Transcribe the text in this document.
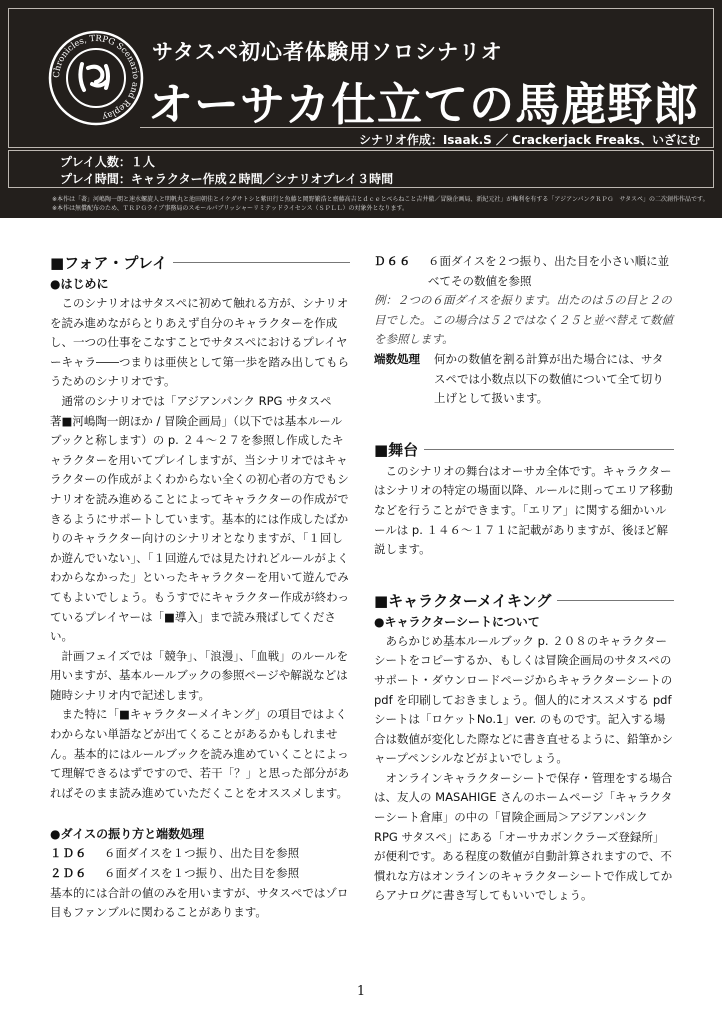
Chronicles, TRPG Scenario and Replay
サタスペ初心者体験用ソロシナリオ
オーサカ仕立ての馬鹿野郎
シナリオ作成：Isaak.S ／ Crackerjack Freaks、いざにむ
プレイ人数：１人
プレイ時間：キャラクター作成２時間／シナリオプレイ３時間
※本作は「著」河嶋陶一朗と速水螺旋人と明帆丸と池田朝佳とイケダサトシと紫田行と魚藤と岡野繁浩と齋藤高吉とｄｃｅとべらねこと吉井徹／冒険企画局、新紀元社」が権利を有する「アジアンパンクＲＰＧ　サタスペ」の二次創作作品です。
※本作は無償配布のため、ＴＲＰＧライブ事務局のスモールパブリッシャーリミテッドライセンス（ＳＰＬＬ）の対象外となります。
■フォア・プレイ
●はじめに

このシナリオはサタスペに初めて触れる方が、シナリオを読み進めながらとりあえず自分のキャラクターを作成し、一つの仕事をこなすことでサタスペにおけるプレイヤーキャラ――つまりは亜侠として第一歩を踏み出してもらうためのシナリオです。

通常のシナリオでは「アジアンパンク RPG サタスペ　著■河嶋陶一朗ほか / 冒険企画局」（以下では基本ルールブックと称します）の p. ２４～２７を参照し作成したキャラクターを用いてプレイしますが、当シナリオではキャラクターの作成がよくわからない全くの初心者の方でもシナリオを読み進めることによってキャラクターの作成ができるようにサポートしています。基本的には作成したばかりのキャラクター向けのシナリオとなりますが、「１回しか遊んでいない」、「１回遊んでは見たけれどルールがよくわからなかった」といったキャラクターを用いて遊んでみてもよいでしょう。もうすでにキャラクター作成が終わっているプレイヤーは「■導入」まで読み飛ばしてください。

計画フェイズでは「競争」、「浪漫」、「血戦」のルールを用いますが、基本ルールブックの参照ページや解説などは随時シナリオ内で記述します。

また特に「■キャラクターメイキング」の項目ではよくわからない単語などが出てくることがあるかもしれません。基本的にはルールブックを読み進めていくことによって理解できるはずですので、若干「？」と思った部分があればそのまま読み進めていただくことをオススメします。

●ダイスの振り方と端数処理
１Ｄ６	６面ダイスを１つ振り、出た目を参照
２Ｄ６	６面ダイスを１つ振り、出た目を参照

基本的には合計の値のみを用いますが、サタスペではゾロ目もファンブルに関わることがあります。

Ｄ６６	６面ダイスを２つ振り、出た目を小さい順に並べてその数値を参照

例：２つの６面ダイスを振ります。出たのは５の目と２の目でした。この場合は５２ではなく２５と並べ替えて数値を参照します。

端数処理	何かの数値を割る計算が出た場合には、サタスペでは小数点以下の数値について全て切り上げとして扱います。
■舞台

このシナリオの舞台はオーサカ全体です。キャラクターはシナリオの特定の場面以降、ルールに則ってエリア移動などを行うことができます。「エリア」に関する細かいルールは p. １４６～１７１に記載がありますが、後ほど解説します。

■キャラクターメイキング
●キャラクターシートについて

あらかじめ基本ルールブック p. ２０８のキャラクターシートをコピーするか、もしくは冒険企画局のサタスペのサポート・ダウンロードページからキャラクターシートの pdf を印刷しておきましょう。個人的にオススメする pdf シートは「ロケットNo.1」ver. のものです。記入する場合は数値が変化した際などに書き直せるように、鉛筆かシャープペンシルなどがよいでしょう。

オンラインキャラクターシートで保存・管理をする場合は、友人の MASAHIGE さんのホームページ「キャラクターシート倉庫」の中の「冒険企画局＞アジアンパンク RPG サタスペ」にある「オーサカボンクラーズ登録所」が便利です。ある程度の数値が自動計算されますので、不慣れな方はオンラインのキャラクターシートで作成してからアナログに書き写してもいいでしょう。

1
